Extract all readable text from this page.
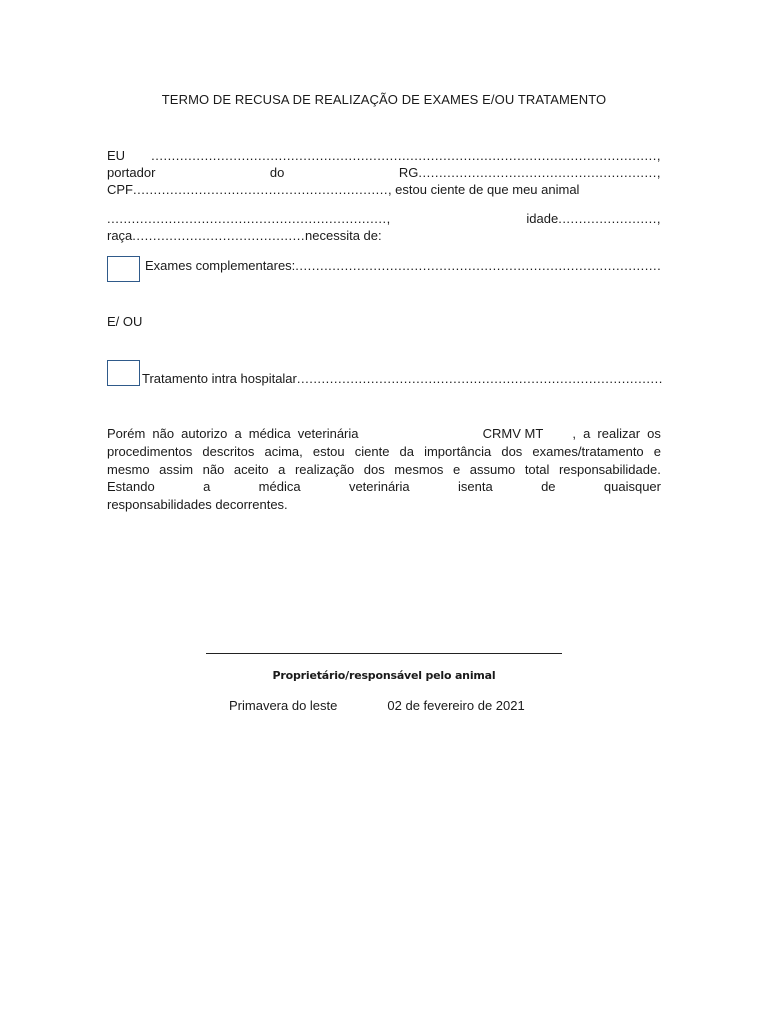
TERMO DE RECUSA DE REALIZAÇÃO DE EXAMES E/OU TRATAMENTO
EU ...........................................................................................................................,
portador	do	RG..........................................................,
CPF.............................................................., estou ciente de que meu animal
....................................................................,	idade........................,
raça..........................................necessita de:
Exames complementares:.........................................................................................
E/ OU
Tratamento intra hospitalar.........................................................................................
Porém não autorizo a médica veterinária	CRMV MT , a realizar os
procedimentos descritos acima, estou ciente da importância dos exames/tratamento e
mesmo assim não aceito a realização dos mesmos e assumo total responsabilidade.
Estando	a	médica	veterinária	isenta	de	quaisquer
responsabilidades decorrentes.
Proprietário/responsável pelo animal
Primavera do leste	02 de fevereiro de 2021
